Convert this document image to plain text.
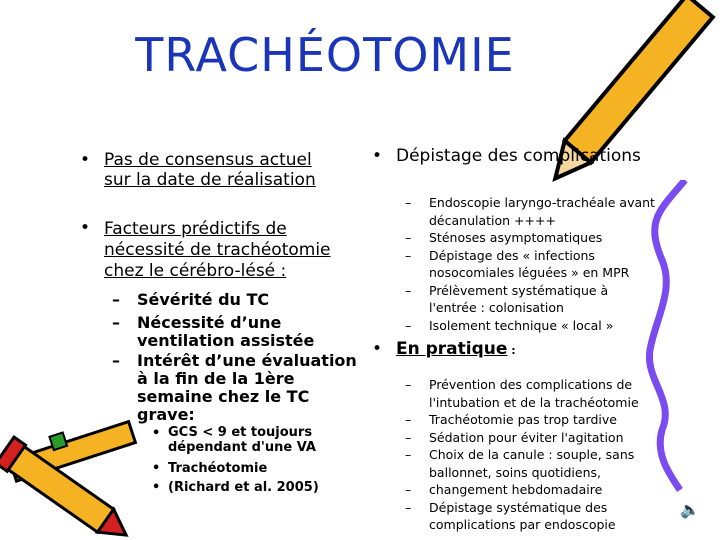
TRACHÉOTOMIE
🔈
• Pas de consensus actuel
sur la date de réalisation
• Facteurs prédictifs de
nécessité de trachéotomie
chez le cérébro-lésé :
– Sévérité du TC
– Nécessité d’une
ventilation assistée
– Intérêt d’une évaluation
à la fin de la 1ère
semaine chez le TC
grave:
• GCS < 9 et toujours
dépendant d'une VA
• Trachéotomie
• (Richard et al. 2005)
• Dépistage des complications
– Endoscopie laryngo-trachéale avant
décanulation ++++
– Sténoses asymptomatiques
– Dépistage des « infections
nosocomiales léguées » en MPR
– Prélèvement systématique à
l'entrée : colonisation
– Isolement technique « local »
• En pratique :
– Prévention des complications de
l'intubation et de la trachéotomie
– Trachéotomie pas trop tardive
– Sédation pour éviter l'agitation
– Choix de la canule : souple, sans
ballonnet, soins quotidiens,
– changement hebdomadaire
– Dépistage systématique des
complications par endoscopie
